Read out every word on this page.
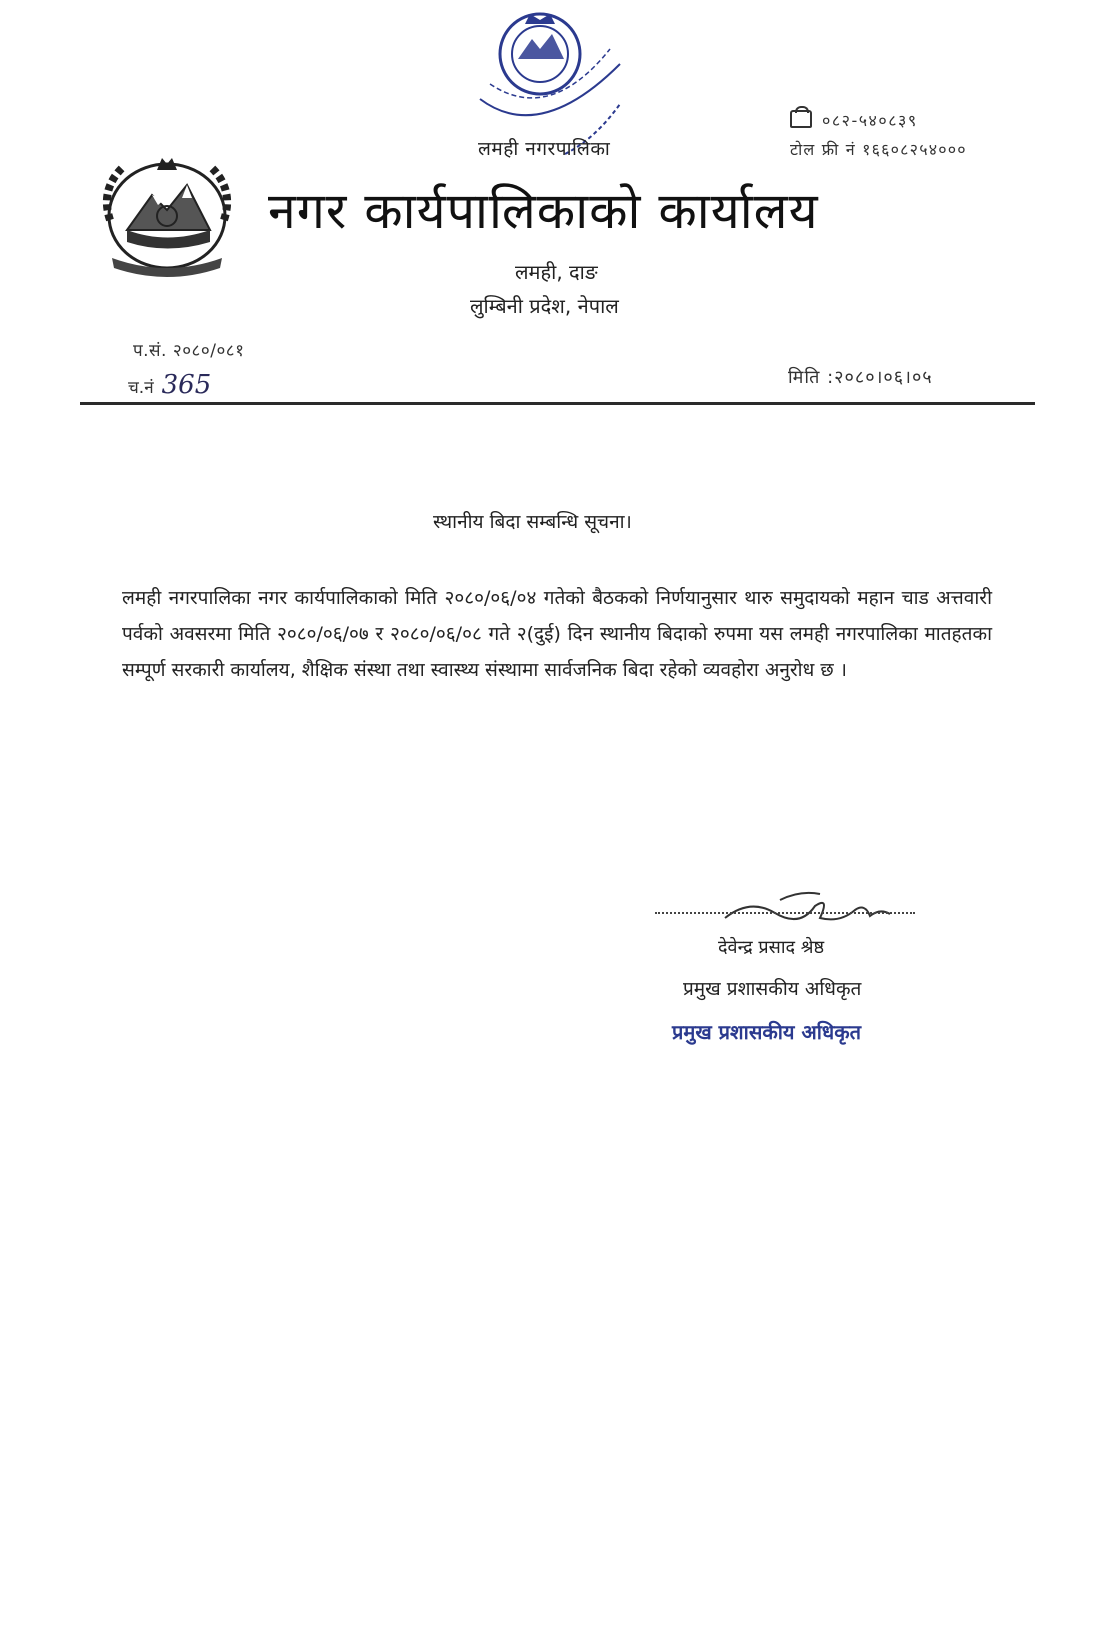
लमही नगरपालिका
०८२-५४०८३९
टोल फ्री नं १६६०८२५४०००
नगर कार्यपालिकाको कार्यालय
लमही, दाङ
लुम्बिनी प्रदेश, नेपाल
प.सं. २०८०/०८१
च.नं 365	मिति :२०८०।०६।०५
स्थानीय बिदा सम्बन्धि सूचना।
लमही नगरपालिका नगर कार्यपालिकाको मिति २०८०/०६/०४ गतेको बैठकको निर्णयानुसार थारु समुदायको महान चाड अत्तवारी पर्वको अवसरमा मिति २०८०/०६/०७ र २०८०/०६/०८ गते २(दुई) दिन स्थानीय बिदाको रुपमा यस लमही नगरपालिका मातहतका सम्पूर्ण सरकारी कार्यालय, शैक्षिक संस्था तथा स्वास्थ्य संस्थामा सार्वजनिक बिदा रहेको व्यवहोरा अनुरोध छ ।
देवेन्द्र प्रसाद श्रेष्ठ
प्रमुख प्रशासकीय अधिकृत
प्रमुख प्रशासकीय अधिकृत
